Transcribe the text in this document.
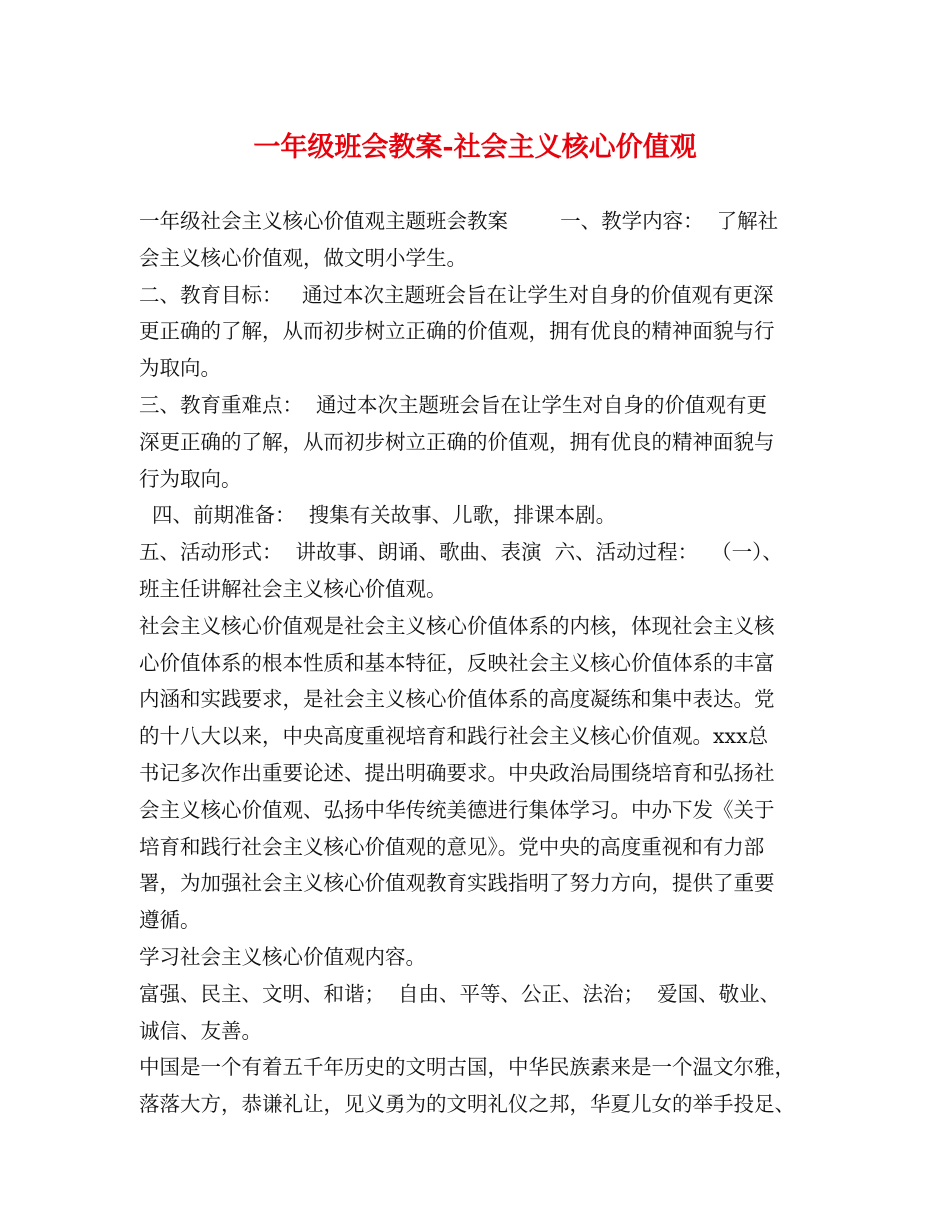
一年级班会教案-社会主义核心价值观
一年级社会主义核心价值观主题班会教案        一、教学内容：  了解社
会主义核心价值观，做文明小学生。
二、教育目标：   通过本次主题班会旨在让学生对自身的价值观有更深
更正确的了解，从而初步树立正确的价值观，拥有优良的精神面貌与行
为取向。
三、教育重难点：  通过本次主题班会旨在让学生对自身的价值观有更
深更正确的了解，从而初步树立正确的价值观，拥有优良的精神面貌与
行为取向。
四、前期准备：  搜集有关故事、儿歌，排课本剧。
五、活动形式：  讲故事、朗诵、歌曲、表演  六、活动过程：  （一）、
班主任讲解社会主义核心价值观。
社会主义核心价值观是社会主义核心价值体系的内核，体现社会主义核
心价值体系的根本性质和基本特征，反映社会主义核心价值体系的丰富
内涵和实践要求，是社会主义核心价值体系的高度凝练和集中表达。党
的十八大以来，中央高度重视培育和践行社会主义核心价值观。xxx总
书记多次作出重要论述、提出明确要求。中央政治局围绕培育和弘扬社
会主义核心价值观、弘扬中华传统美德进行集体学习。中办下发《关于
培育和践行社会主义核心价值观的意见》。党中央的高度重视和有力部
署，为加强社会主义核心价值观教育实践指明了努力方向，提供了重要
遵循。
学习社会主义核心价值观内容。
富强、民主、文明、和谐；  自由、平等、公正、法治；  爱国、敬业、
诚信、友善。
中国是一个有着五千年历史的文明古国，中华民族素来是一个温文尔雅，
落落大方，恭谦礼让，见义勇为的文明礼仪之邦，华夏儿女的举手投足、
